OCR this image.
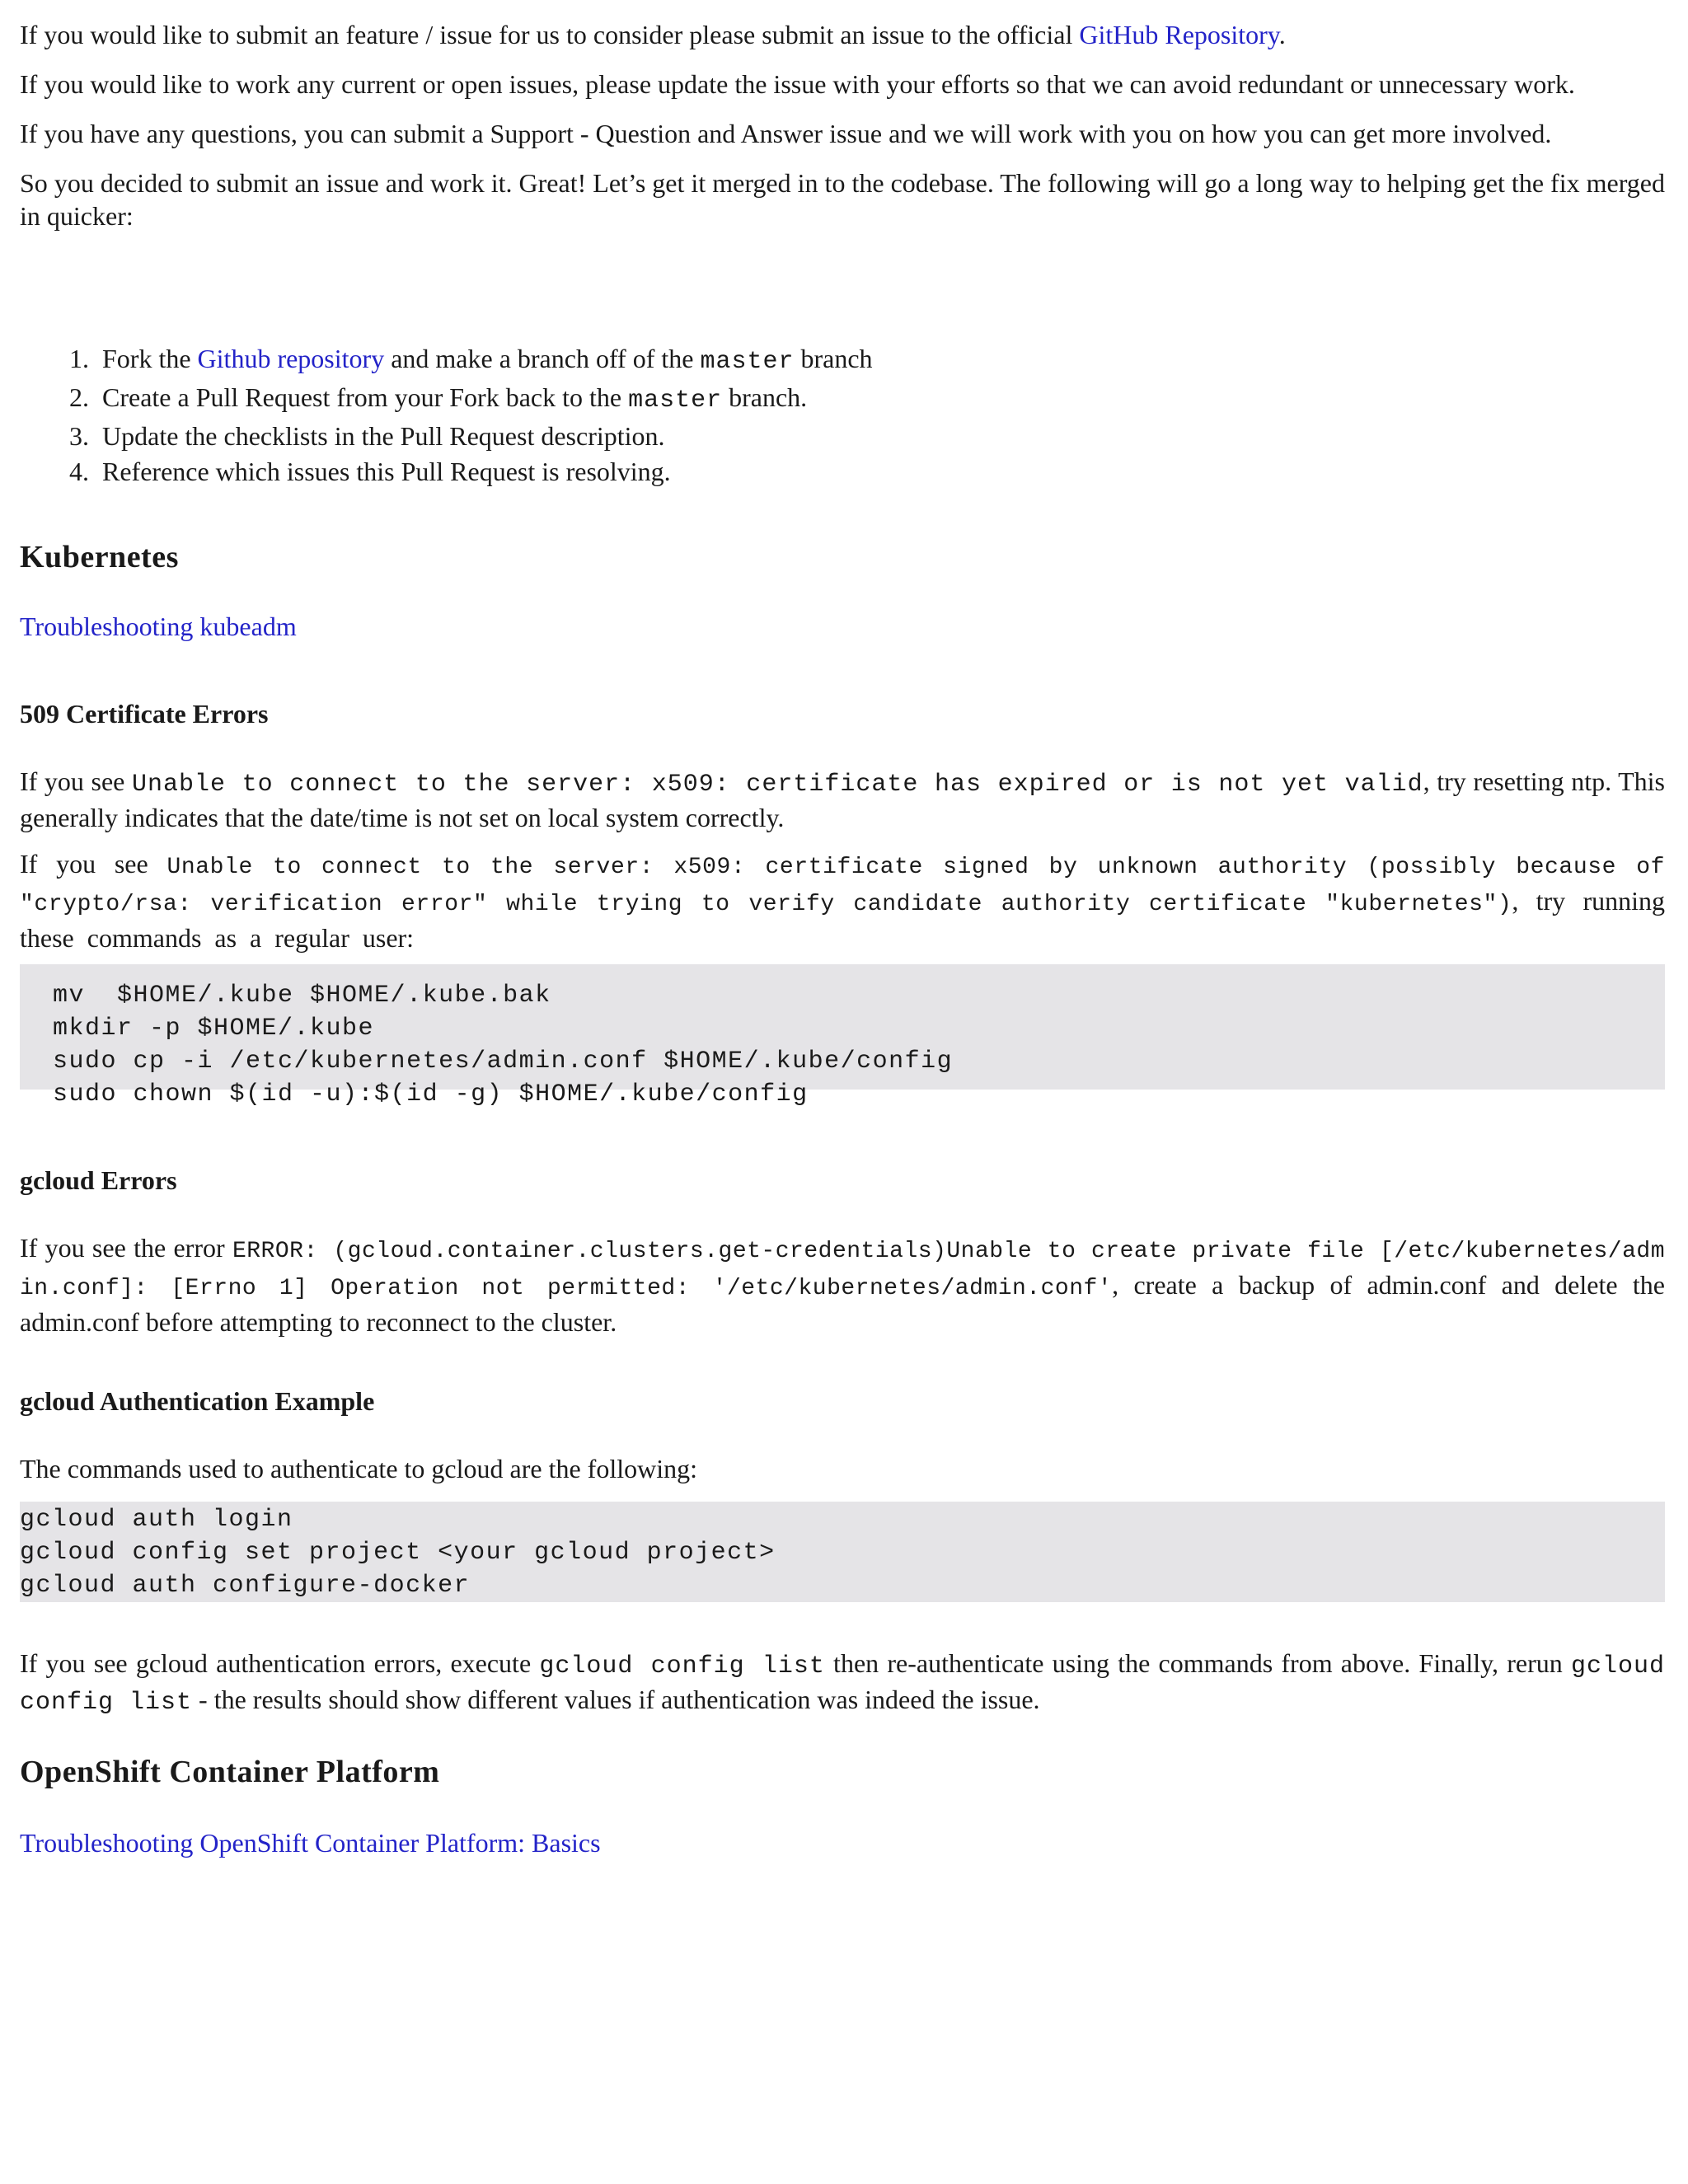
If you would like to submit an feature / issue for us to consider please submit an issue to the official GitHub Repository.

If you would like to work any current or open issues, please update the issue with your efforts so that we can avoid redundant or unnecessary work.

If you have any questions, you can submit a Support - Question and Answer issue and we will work with you on how you can get more involved.

So you decided to submit an issue and work it. Great! Let’s get it merged in to the codebase. The following will go a long way to helping get the fix merged in quicker:

1. Fork the Github repository and make a branch off of the master branch
2. Create a Pull Request from your Fork back to the master branch.
3. Update the checklists in the Pull Request description.
4. Reference which issues this Pull Request is resolving.
Kubernetes

Troubleshooting kubeadm

509 Certificate Errors

If you see Unable to connect to the server: x509: certificate has expired or is not yet valid, try resetting ntp. This generally indicates that the date/time is not set on local system correctly.

If you see Unable to connect to the server: x509: certificate signed by unknown authority (possibly because of "crypto/rsa: verification error" while trying to verify candidate authority certificate "kubernetes"), try running these commands as a regular user:

mv  $HOME/.kube $HOME/.kube.bak
mkdir -p $HOME/.kube
sudo cp -i /etc/kubernetes/admin.conf $HOME/.kube/config
sudo chown $(id -u):$(id -g) $HOME/.kube/config
gcloud Errors

If you see the error ERROR: (gcloud.container.clusters.get-credentials)Unable to create private file [/etc/kubernetes/admin.conf]: [Errno 1] Operation not permitted: '/etc/kubernetes/admin.conf', create a backup of admin.conf and delete the admin.conf before attempting to reconnect to the cluster.

gcloud Authentication Example

The commands used to authenticate to gcloud are the following:

gcloud auth login
gcloud config set project <your gcloud project>
gcloud auth configure-docker

If you see gcloud authentication errors, execute gcloud config list then re-authenticate using the commands from above. Finally, rerun gcloud config list - the results should show different values if authentication was indeed the issue.

OpenShift Container Platform

Troubleshooting OpenShift Container Platform: Basics
